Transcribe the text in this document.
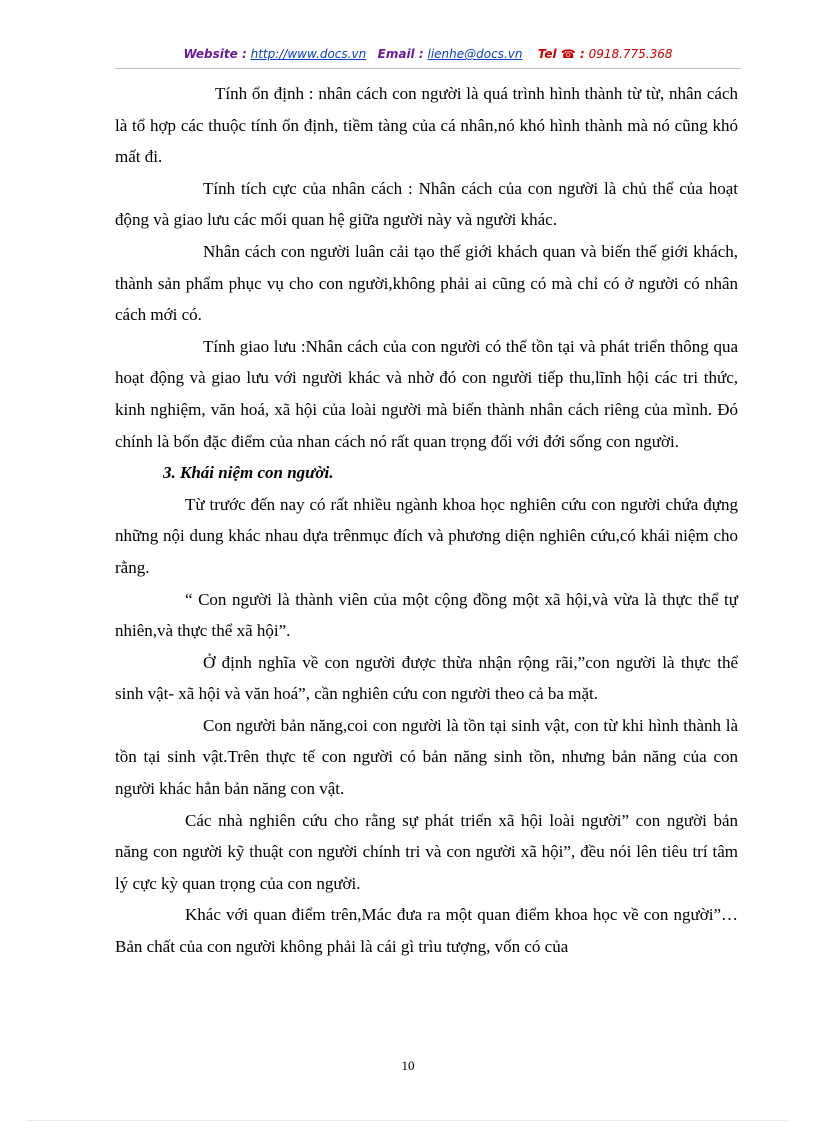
Website : http://www.docs.vn Email : lienhe@docs.vn Tel ☎ : 0918.775.368

Tính ổn định : nhân cách con người là quá trình hình thành từ từ, nhân cách là tổ hợp các thuộc tính ổn định, tiềm tàng của cá nhân,nó khó hình thành mà nó cũng khó mất đi.

Tính tích cực của nhân cách : Nhân cách của con người là chủ thể của hoạt động và giao lưu các mối quan hệ giữa người này và người khác.

Nhân cách con người luân cải tạo thế giới khách quan và biến thế giới khách, thành sản phẩm phục vụ cho con người,không phải ai cũng có mà chỉ có ở người có nhân cách mới có.

Tính giao lưu :Nhân cách của con người có thể tồn tại và phát triển thông qua hoạt động và giao lưu với người khác và nhờ đó con người tiếp thu,lĩnh hội các tri thức, kinh nghiệm, văn hoá, xã hội của loài người mà biến thành nhân cách riêng của mình. Đó chính là bốn đặc điểm của nhan cách nó rất quan trọng đối với đới sống con người.

3. Khái niệm con người.

Từ trước đến nay có rất nhiều ngành khoa học nghiên cứu con người chứa đựng những nội dung khác nhau dựa trênmục đích và phương diện nghiên cứu,có khái niệm cho rằng.

“ Con người là thành viên của một cộng đồng một xã hội,và vừa là thực thể tự nhiên,và thực thể xã hội”.

Ở định nghĩa về con người được thừa nhận rộng rãi,”con người là thực thể sinh vật- xã hội và văn hoá”, cần nghiên cứu con người theo cả ba mặt.

Con người bản năng,coi con người là tồn tại sinh vật, con từ khi hình thành là tồn tại sinh vật.Trên thực tế con người có bản năng sinh tồn, nhưng bản năng của con người khác hẳn bản năng con vật.

Các nhà nghiên cứu cho rằng sự phát triển xã hội loài người” con người bản năng con người kỹ thuật con người chính tri và con người xã hội”, đều nói lên tiêu trí tâm lý cực kỳ quan trọng của con người.

Khác với quan điểm trên,Mác đưa ra một quan điểm khoa học về con người”… Bản chất của con người không phải là cái gì trìu tượng, vốn có của

10
